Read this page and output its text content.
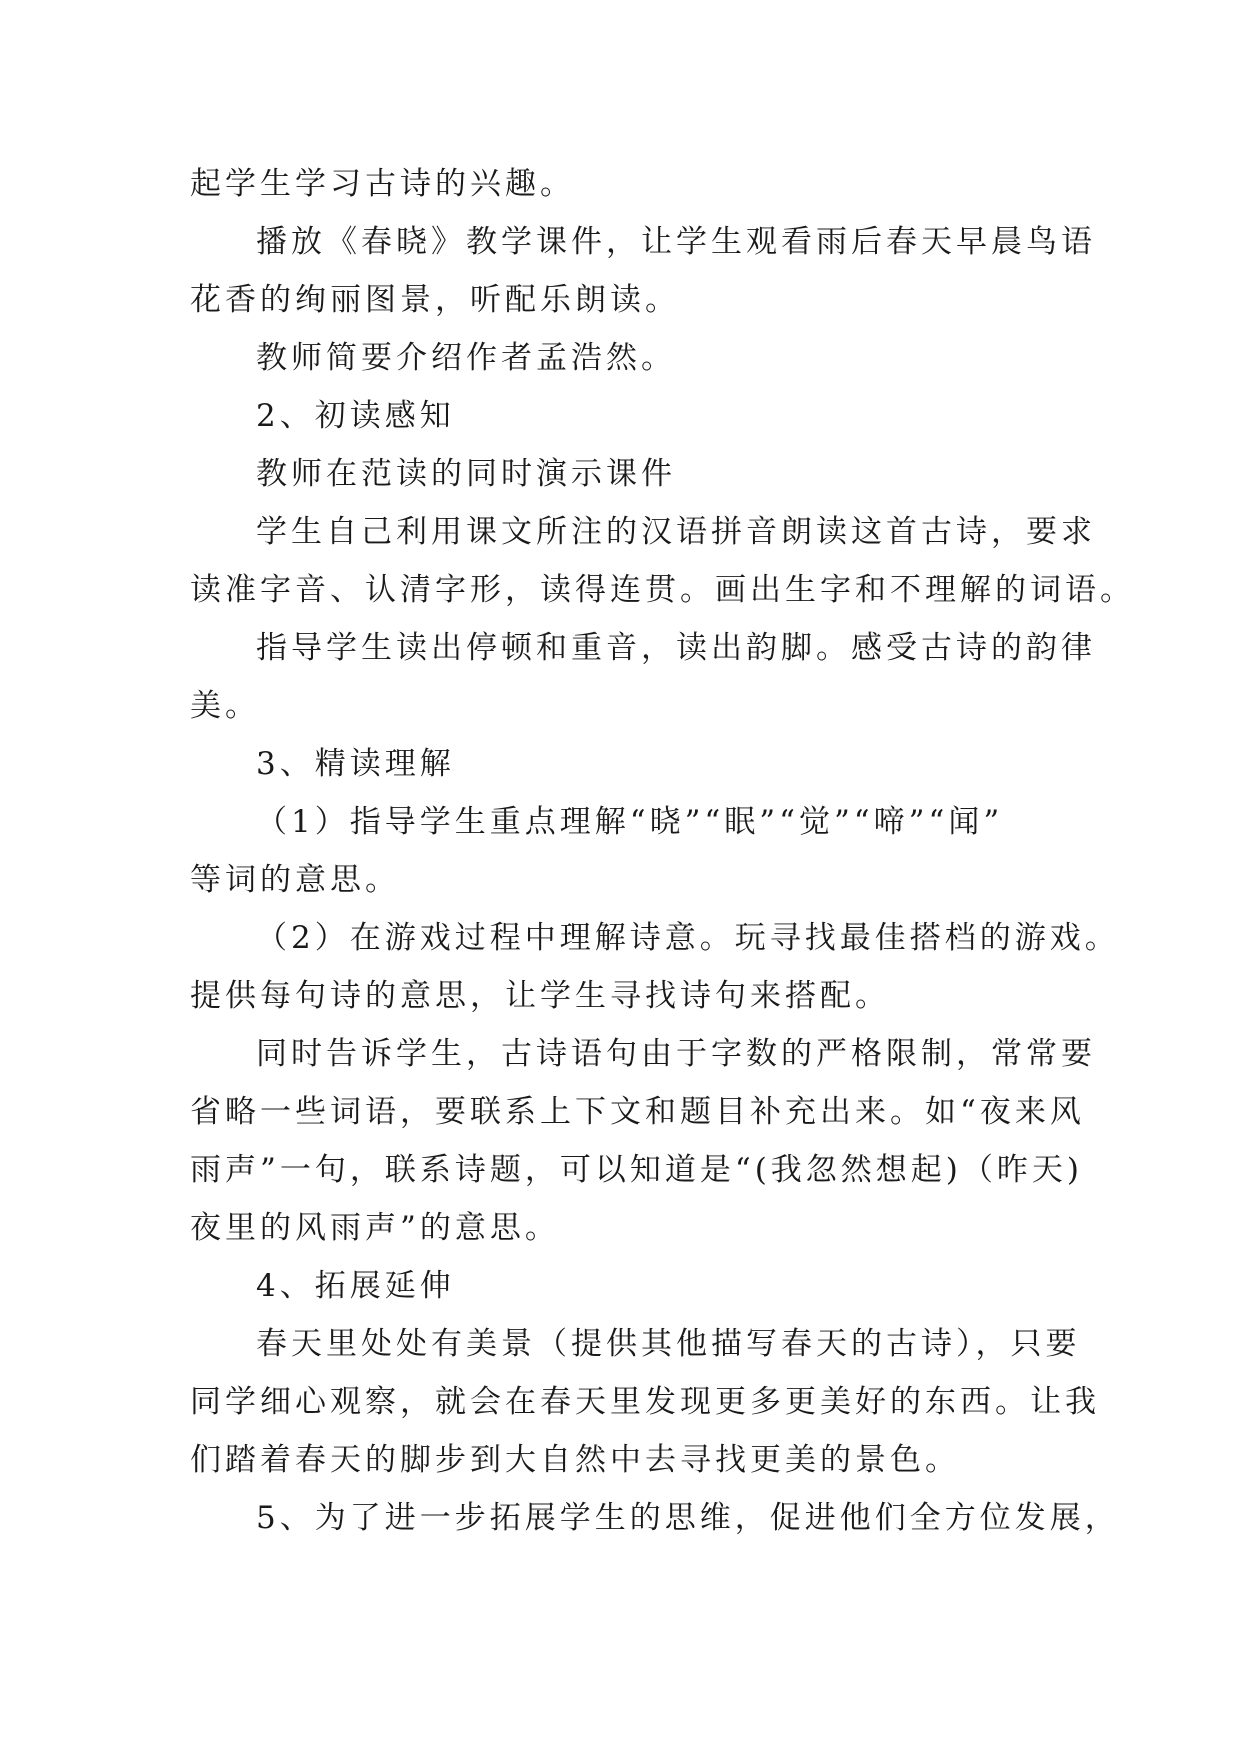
起学生学习古诗的兴趣。
播放《春晓》教学课件，让学生观看雨后春天早晨鸟语
花香的绚丽图景，听配乐朗读。
教师简要介绍作者孟浩然。
2、初读感知
教师在范读的同时演示课件
学生自己利用课文所注的汉语拼音朗读这首古诗，要求
读准字音、认清字形，读得连贯。画出生字和不理解的词语。
指导学生读出停顿和重音，读出韵脚。感受古诗的韵律
美。
3、精读理解
（1）指导学生重点理解“晓”“眠”“觉”“啼”“闻”
等词的意思。
（2）在游戏过程中理解诗意。玩寻找最佳搭档的游戏。
提供每句诗的意思，让学生寻找诗句来搭配。
同时告诉学生，古诗语句由于字数的严格限制，常常要
省略一些词语，要联系上下文和题目补充出来。如“夜来风
雨声”一句，联系诗题，可以知道是“(我忽然想起)（昨天)
夜里的风雨声”的意思。
4、拓展延伸
春天里处处有美景（提供其他描写春天的古诗），只要
同学细心观察，就会在春天里发现更多更美好的东西。让我
们踏着春天的脚步到大自然中去寻找更美的景色。
5、为了进一步拓展学生的思维，促进他们全方位发展，
